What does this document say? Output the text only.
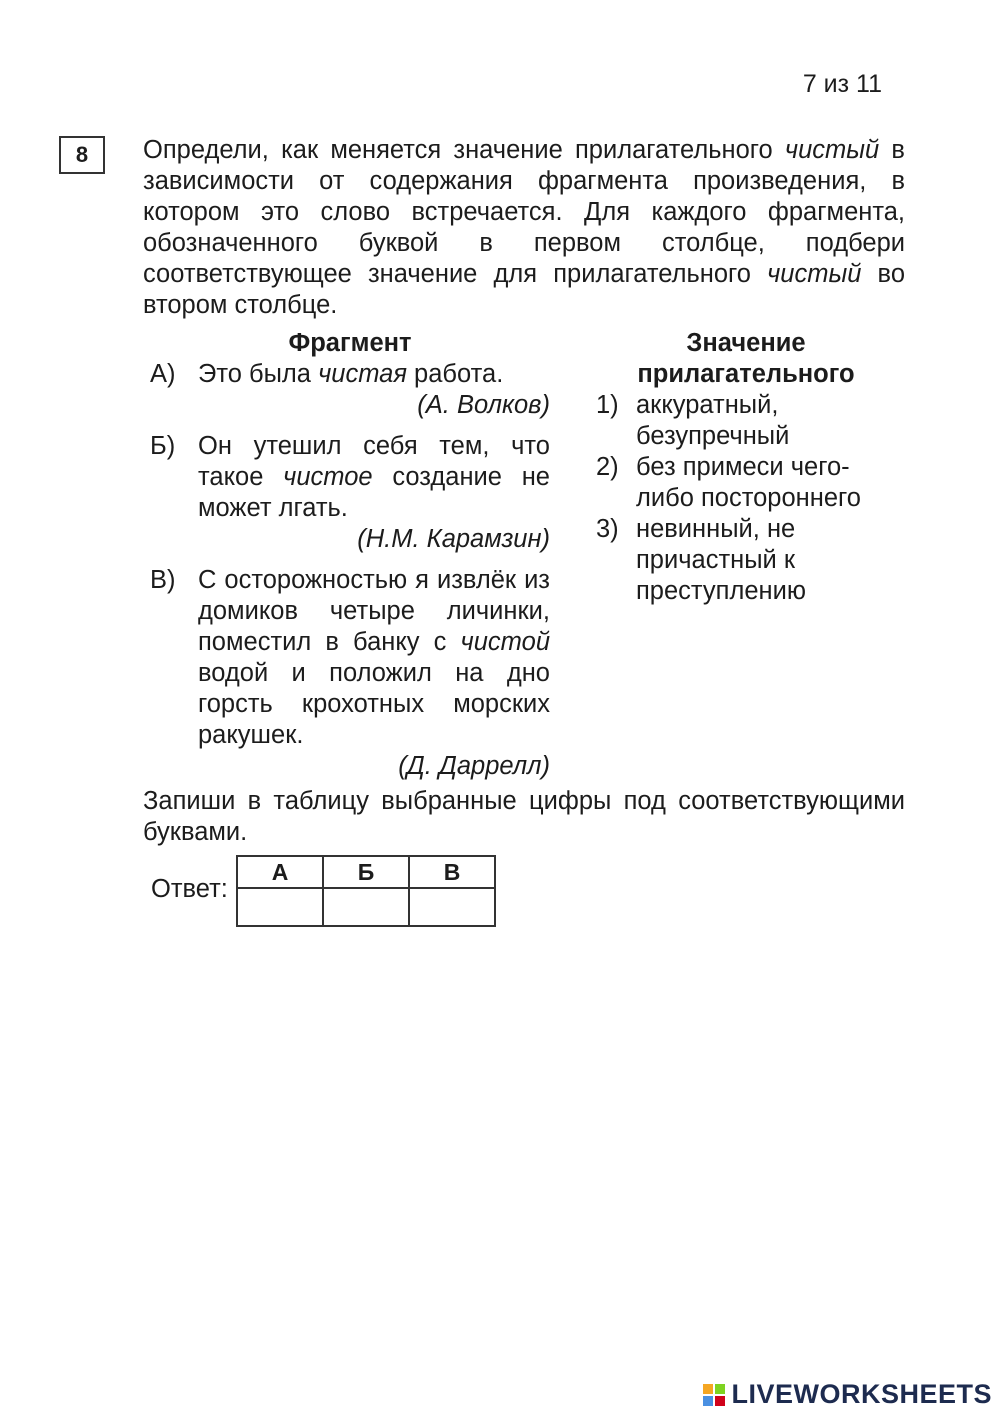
7 из 11
8 Определи, как меняется значение прилагательного чистый в зависимости от содержания фрагмента произведения, в котором это слово встречается. Для каждого фрагмента, обозначенного буквой в первом столбце, подбери соответствующее значение для прилагательного чистый во втором столбце.

Фрагмент
А) Это была чистая работа.
(А. Волков)
Б) Он утешил себя тем, что такое чистое создание не может лгать.
(Н.М. Карамзин)
В) С осторожностью я извлёк из домиков четыре личинки, поместил в банку с чистой водой и положил на дно горсть крохотных морских ракушек.
(Д. Даррелл)
Значение прилагательного
1) аккуратный, безупречный
2) без примеси чего-либо постороннего
3) невинный, не причастный к преступлению

Запиши в таблицу выбранные цифры под соответствующими буквами.

Ответ:
А	Б	В

LIVEWORKSHEETS
